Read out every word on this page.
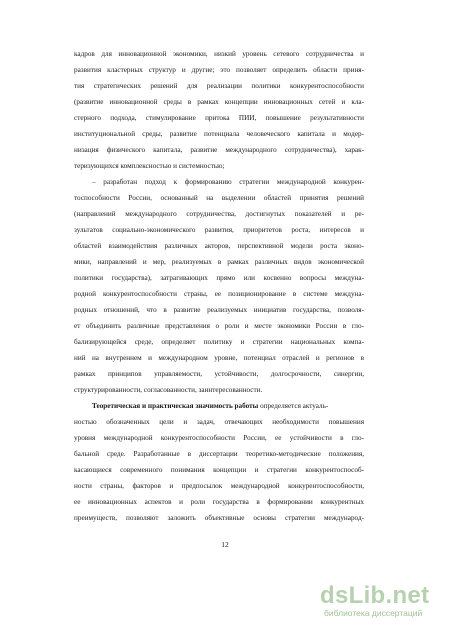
кадров для инновационной экономики, низкий уровень сетевого сотрудничества и
развития кластерных структур и другие; это позволяет определить области приня-
тия стратегических решений для реализации политики конкурентоспособности
(развитие инновационной среды в рамках концепции инновационных сетей и кла-
стерного подхода, стимулирование притока ПИИ, повышение результативности
институциональной среды, развитие потенциала человеческого капитала и модер-
низация физического капитала, развитие международного сотрудничества), харак-
теризующихся комплексностью и системностью;
– разработан подход к формированию стратегии международной конкурен-
тоспособности России, основанный на выделении областей принятия решений
(направлений международного сотрудничества, достигнутых показателей и ре-
зультатов социально-экономического развития, приоритетов роста, интересов и
областей взаимодействия различных акторов, перспективной модели роста эконо-
мики, направлений и мер, реализуемых в рамках различных видов экономической
политики государства), затрагивающих прямо или косвенно вопросы междуна-
родной конкурентоспособности страны, ее позиционирование в системе междуна-
родных отношений, что в развитие реализуемых инициатив государства, позволя-
ет объединить различные представления о роли и месте экономики России в гло-
бализирующейся среде, определяет политику и стратегии национальных компа-
ний на внутреннем и международном уровне, потенциал отраслей и регионов в
рамках принципов управляемости, устойчивости, долгосрочности, синергии,
структурированности, согласованности, заинтересованности.
Теоретическая и практическая значимость работы определяется актуаль-
ностью обозначенных цели и задач, отвечающих необходимости повышения
уровня международной конкурентоспособности России, ее устойчивости в гло-
бальной среде. Разработанные в диссертации теоретико-методические положения,
касающиеся современного понимания концепции и стратегии конкурентоспособ-
ности страны, факторов и предпосылок международной конкурентоспособности,
ее инновационных аспектов и роли государства в формировании конкурентных
преимуществ, позволяют заложить объективные основы стратегии международ-
12
dsLib.net
библиотека диссертаций
